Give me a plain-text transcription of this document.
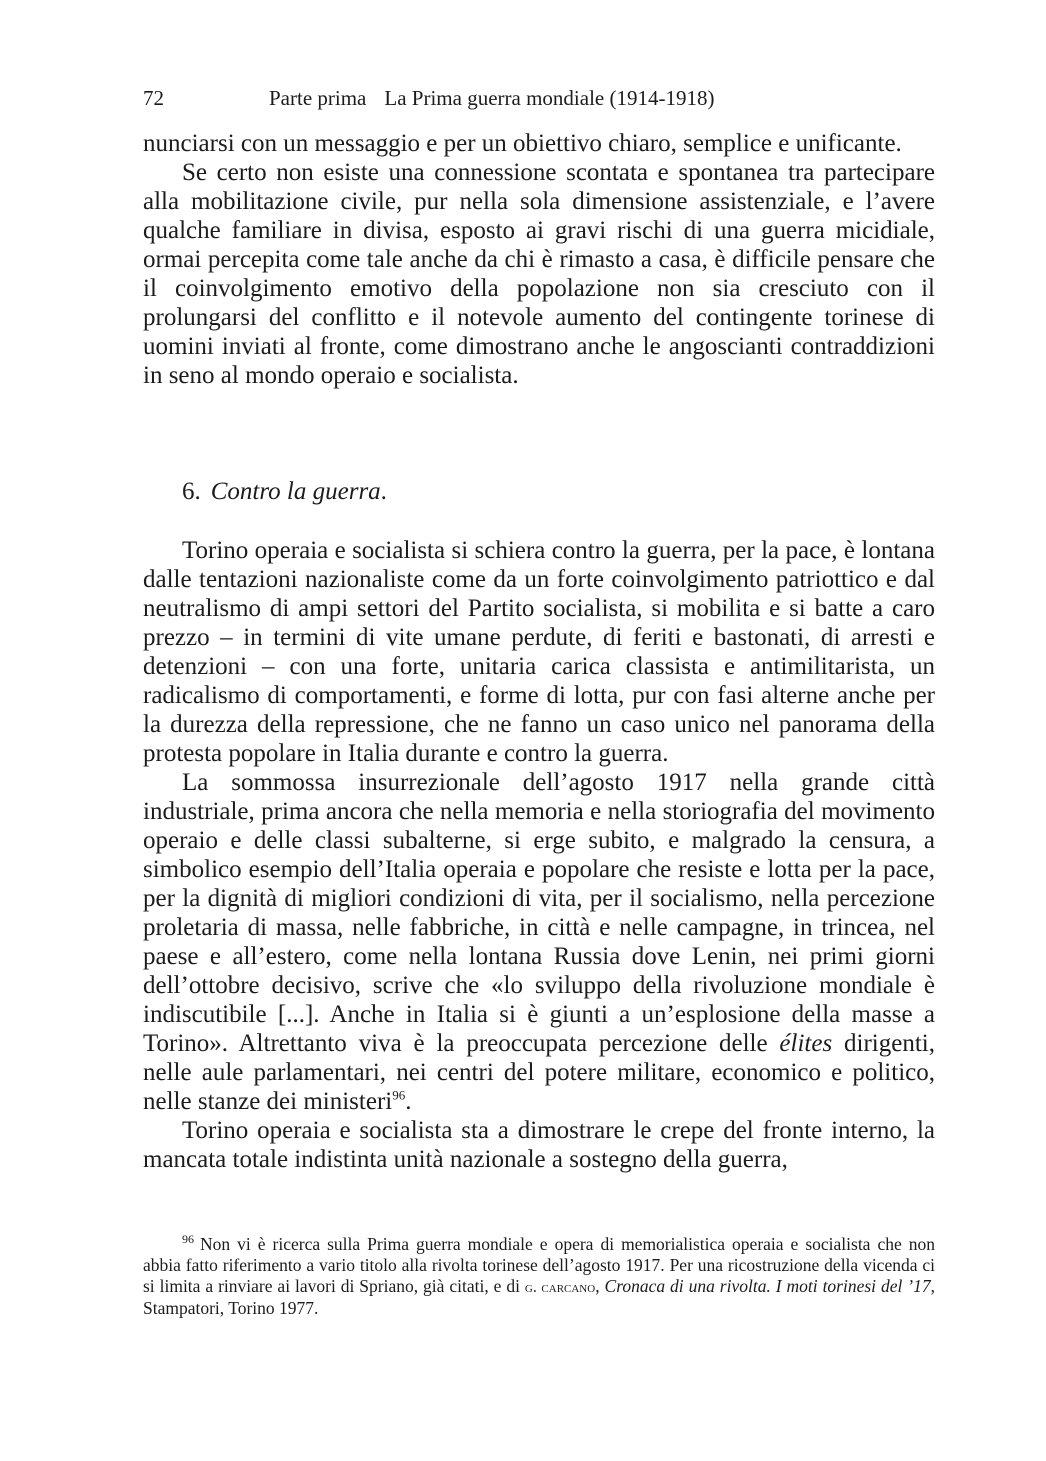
72	Parte prima La Prima guerra mondiale (1914-1918)

nunciarsi con un messaggio e per un obiettivo chiaro, semplice e unificante.

Se certo non esiste una connessione scontata e spontanea tra partecipare alla mobilitazione civile, pur nella sola dimensione assistenziale, e l’avere qualche familiare in divisa, esposto ai gravi rischi di una guerra micidiale, ormai percepita come tale anche da chi è rimasto a casa, è difficile pensare che il coinvolgimento emotivo della popolazione non sia cresciuto con il prolungarsi del conflitto e il notevole aumento del contingente torinese di uomini inviati al fronte, come dimostrano anche le angoscianti contraddizioni in seno al mondo operaio e socialista.

6. Contro la guerra.

Torino operaia e socialista si schiera contro la guerra, per la pace, è lontana dalle tentazioni nazionaliste come da un forte coinvolgimento patriottico e dal neutralismo di ampi settori del Partito socialista, si mobilita e si batte a caro prezzo – in termini di vite umane perdute, di feriti e bastonati, di arresti e detenzioni – con una forte, unitaria carica classista e antimilitarista, un radicalismo di comportamenti, e forme di lotta, pur con fasi alterne anche per la durezza della repressione, che ne fanno un caso unico nel panorama della protesta popolare in Italia durante e contro la guerra.

La sommossa insurrezionale dell’agosto 1917 nella grande città industriale, prima ancora che nella memoria e nella storiografia del movimento operaio e delle classi subalterne, si erge subito, e malgrado la censura, a simbolico esempio dell’Italia operaia e popolare che resiste e lotta per la pace, per la dignità di migliori condizioni di vita, per il socialismo, nella percezione proletaria di massa, nelle fabbriche, in città e nelle campagne, in trincea, nel paese e all’estero, come nella lontana Russia dove Lenin, nei primi giorni dell’ottobre decisivo, scrive che «lo sviluppo della rivoluzione mondiale è indiscutibile [...]. Anche in Italia si è giunti a un’esplosione della masse a Torino». Altrettanto viva è la preoccupata percezione delle élites dirigenti, nelle aule parlamentari, nei centri del potere militare, economico e politico, nelle stanze dei ministeri$^{96}$.

Torino operaia e socialista sta a dimostrare le crepe del fronte interno, la mancata totale indistinta unità nazionale a sostegno della guerra,

$^{96}$ Non vi è ricerca sulla Prima guerra mondiale e opera di memorialistica operaia e socialista che non abbia fatto riferimento a vario titolo alla rivolta torinese dell’agosto 1917. Per una ricostruzione della vicenda ci si limita a rinviare ai lavori di Spriano, già citati, e di g. carcano, Cronaca di una rivolta. I moti torinesi del ’17, Stampatori, Torino 1977.
